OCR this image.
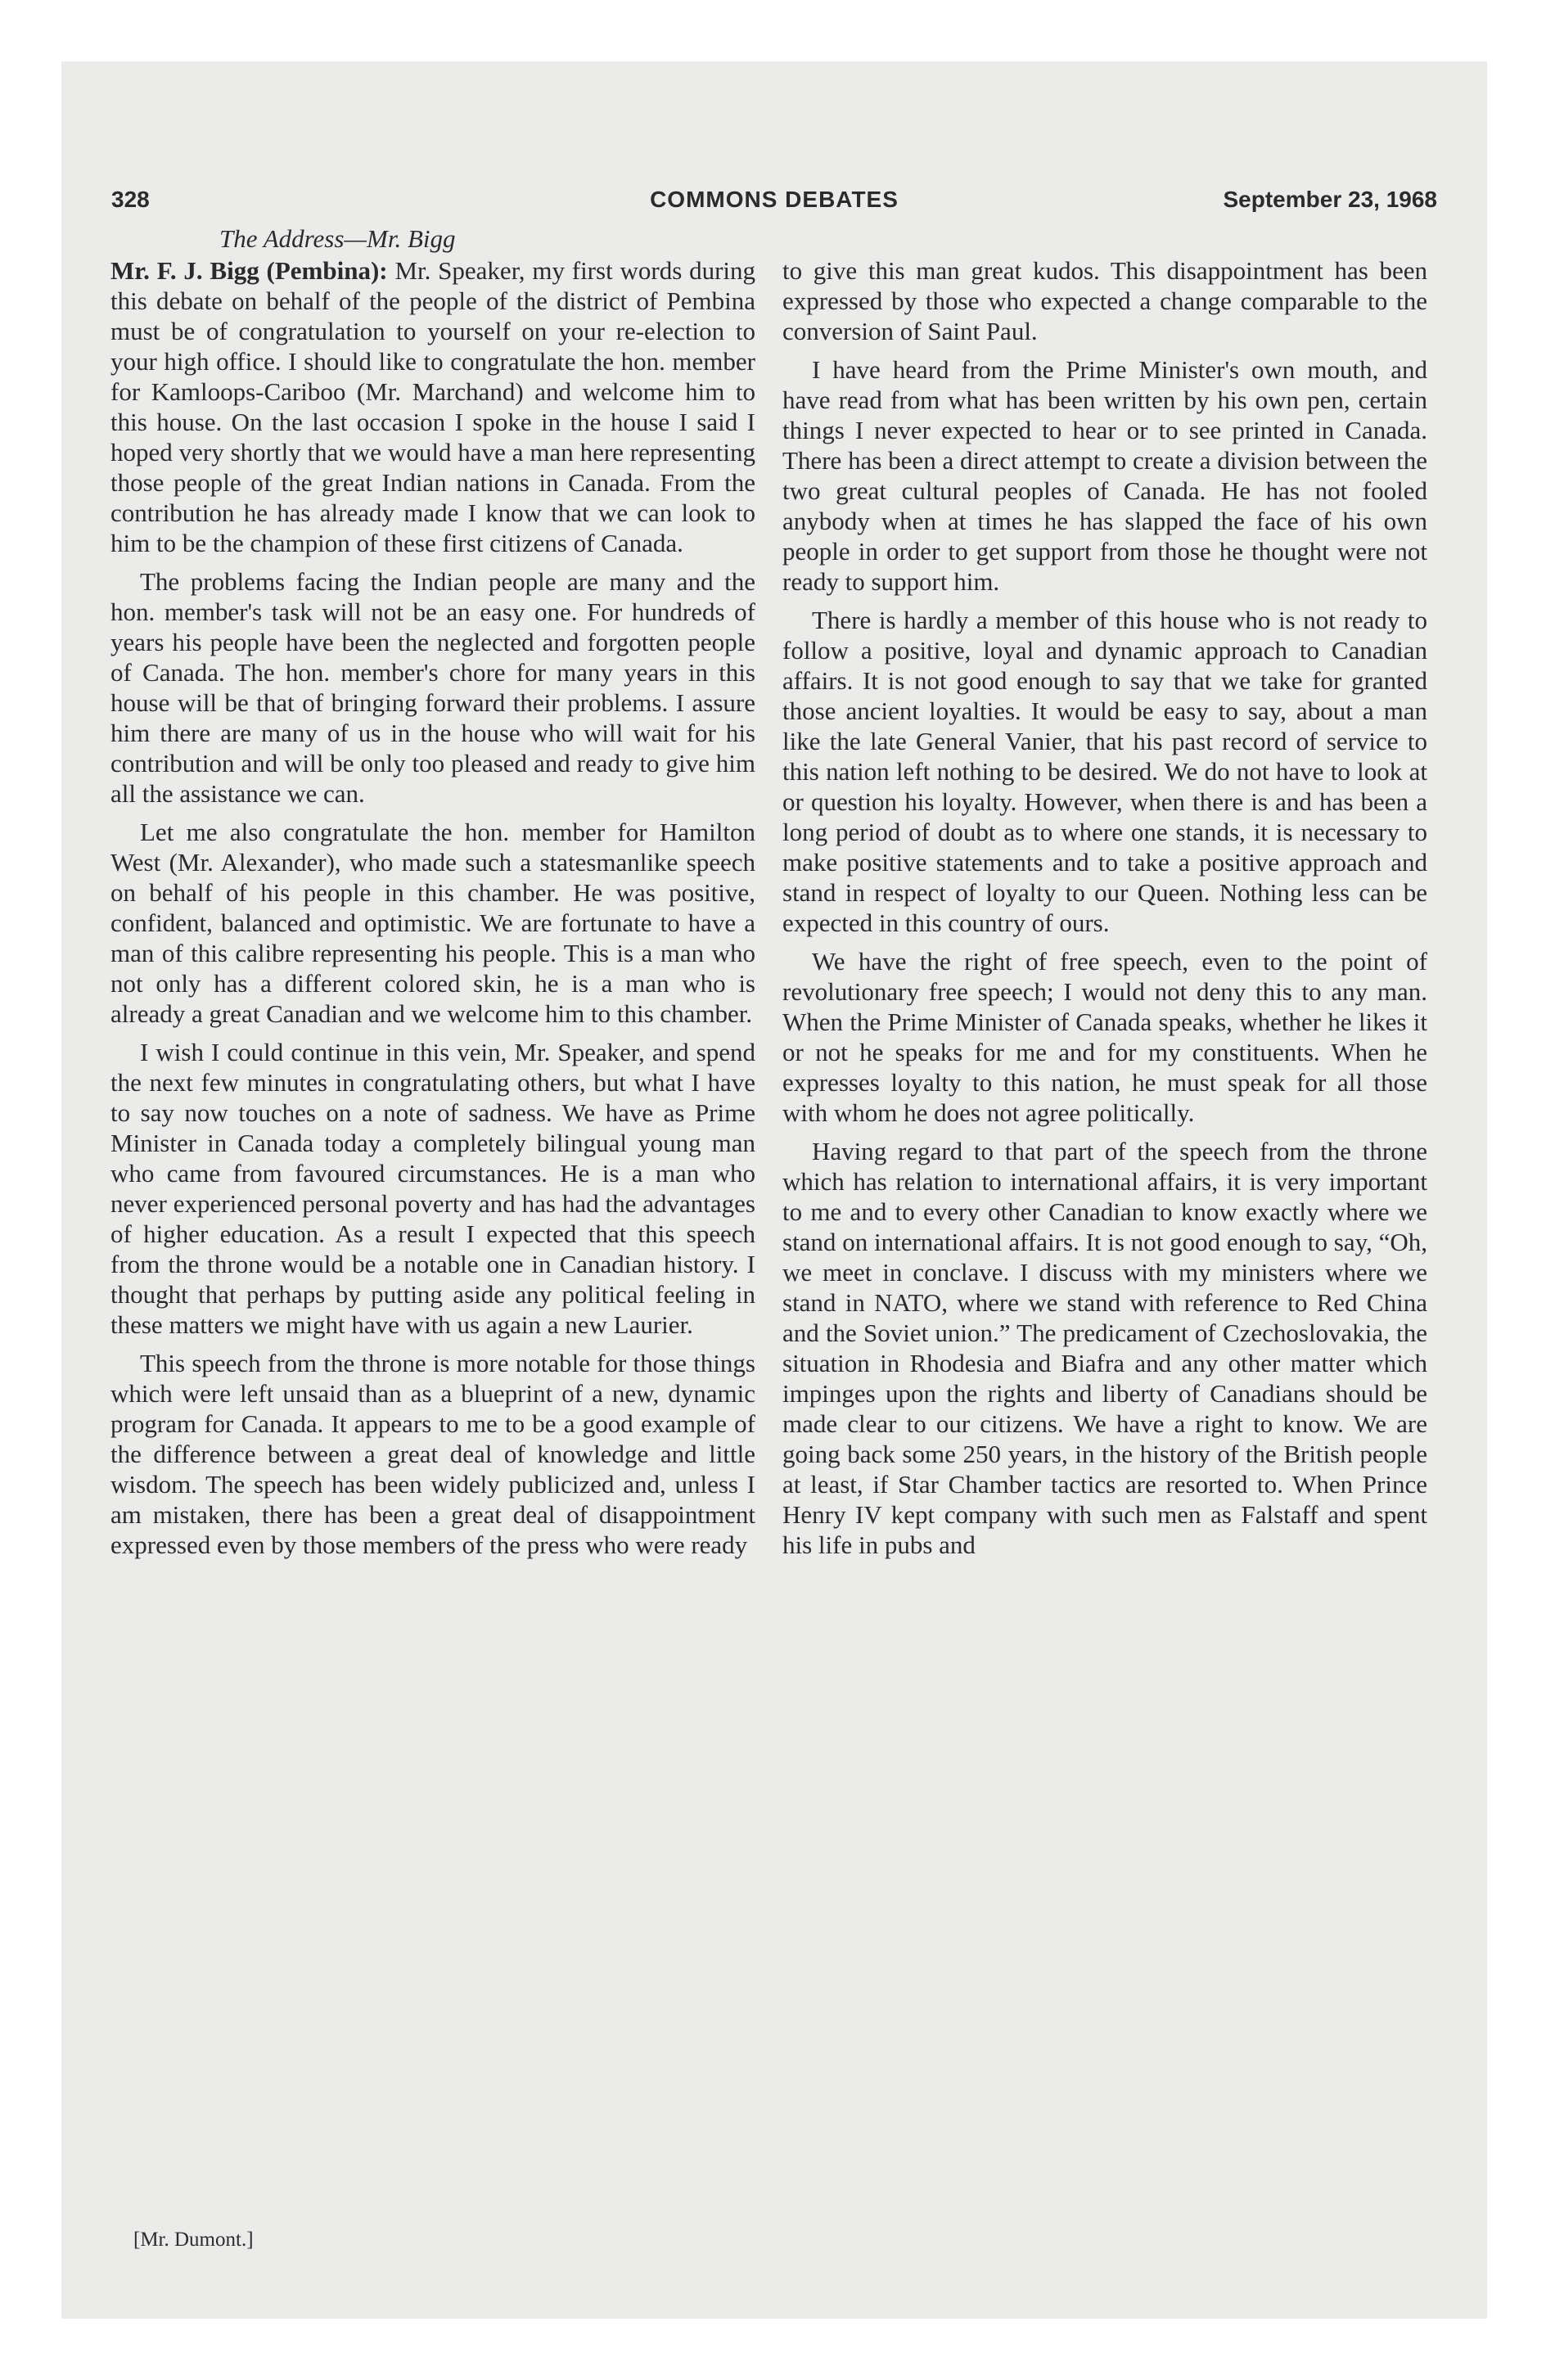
328	COMMONS DEBATES	September 23, 1968
The Address—Mr. Bigg

Mr. F. J. Bigg (Pembina): Mr. Speaker, my first words during this debate on behalf of the people of the district of Pembina must be of congratulation to yourself on your re-election to your high office. I should like to congratulate the hon. member for Kamloops-Cariboo (Mr. Marchand) and welcome him to this house. On the last occasion I spoke in the house I said I hoped very shortly that we would have a man here representing those people of the great Indian nations in Canada. From the contribution he has already made I know that we can look to him to be the champion of these first citizens of Canada.

The problems facing the Indian people are many and the hon. member's task will not be an easy one. For hundreds of years his people have been the neglected and forgotten people of Canada. The hon. member's chore for many years in this house will be that of bringing forward their problems. I assure him there are many of us in the house who will wait for his contribution and will be only too pleased and ready to give him all the assistance we can.

Let me also congratulate the hon. member for Hamilton West (Mr. Alexander), who made such a statesmanlike speech on behalf of his people in this chamber. He was positive, confident, balanced and optimistic. We are fortunate to have a man of this calibre representing his people. This is a man who not only has a different colored skin, he is a man who is already a great Canadian and we welcome him to this chamber.

I wish I could continue in this vein, Mr. Speaker, and spend the next few minutes in congratulating others, but what I have to say now touches on a note of sadness. We have as Prime Minister in Canada today a completely bilingual young man who came from favoured circumstances. He is a man who never experienced personal poverty and has had the advantages of higher education. As a result I expected that this speech from the throne would be a notable one in Canadian history. I thought that perhaps by putting aside any political feeling in these matters we might have with us again a new Laurier.

This speech from the throne is more notable for those things which were left unsaid than as a blueprint of a new, dynamic program for Canada. It appears to me to be a good example of the difference between a great deal of knowledge and little wisdom. The speech has been widely publicized and, unless I am mistaken, there has been a great deal of disappointment expressed even by those members of the press who were ready

to give this man great kudos. This disappointment has been expressed by those who expected a change comparable to the conversion of Saint Paul.

I have heard from the Prime Minister's own mouth, and have read from what has been written by his own pen, certain things I never expected to hear or to see printed in Canada. There has been a direct attempt to create a division between the two great cultural peoples of Canada. He has not fooled anybody when at times he has slapped the face of his own people in order to get support from those he thought were not ready to support him.

There is hardly a member of this house who is not ready to follow a positive, loyal and dynamic approach to Canadian affairs. It is not good enough to say that we take for granted those ancient loyalties. It would be easy to say, about a man like the late General Vanier, that his past record of service to this nation left nothing to be desired. We do not have to look at or question his loyalty. However, when there is and has been a long period of doubt as to where one stands, it is necessary to make positive statements and to take a positive approach and stand in respect of loyalty to our Queen. Nothing less can be expected in this country of ours.

We have the right of free speech, even to the point of revolutionary free speech; I would not deny this to any man. When the Prime Minister of Canada speaks, whether he likes it or not he speaks for me and for my constituents. When he expresses loyalty to this nation, he must speak for all those with whom he does not agree politically.

Having regard to that part of the speech from the throne which has relation to international affairs, it is very important to me and to every other Canadian to know exactly where we stand on international affairs. It is not good enough to say, “Oh, we meet in conclave. I discuss with my ministers where we stand in NATO, where we stand with reference to Red China and the Soviet union.” The predicament of Czechoslovakia, the situation in Rhodesia and Biafra and any other matter which impinges upon the rights and liberty of Canadians should be made clear to our citizens. We have a right to know. We are going back some 250 years, in the history of the British people at least, if Star Chamber tactics are resorted to. When Prince Henry IV kept company with such men as Falstaff and spent his life in pubs and

[Mr. Dumont.]
